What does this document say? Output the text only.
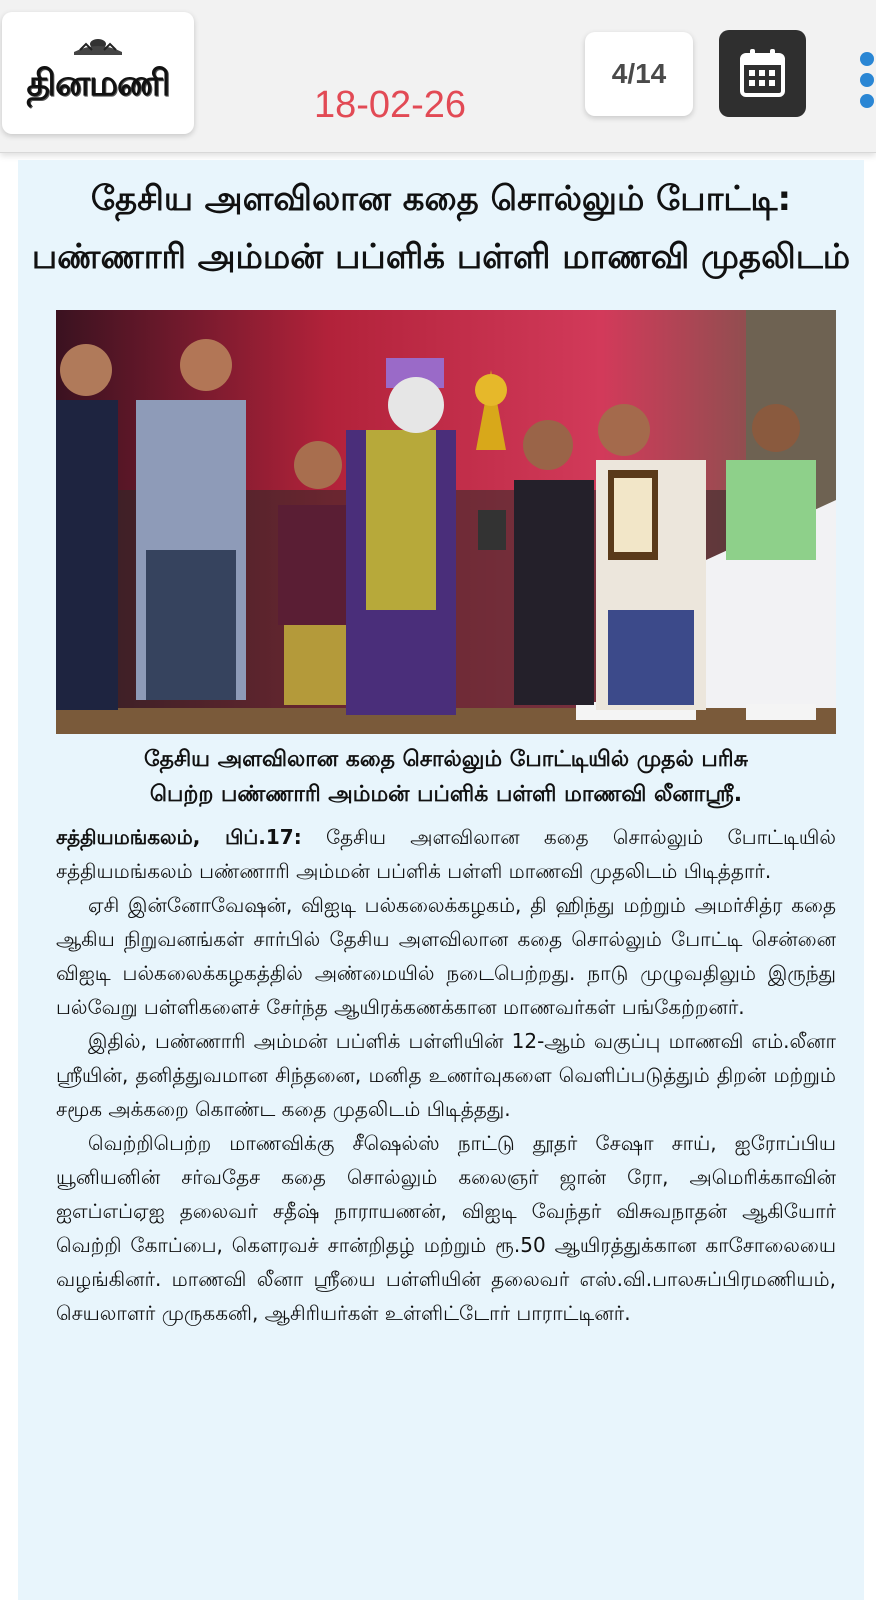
தினமணி
18-02-26
4/14
தேசிய அளவிலான கதை சொல்லும் போட்டி:
பண்ணாரி அம்மன் பப்ளிக் பள்ளி மாணவி முதலிடம்
தேசிய அளவிலான கதை சொல்லும் போட்டியில் முதல் பரிசு
பெற்ற பண்ணாரி அம்மன் பப்ளிக் பள்ளி மாணவி லீனாஸ்ரீ.

சத்தியமங்கலம், பிப்.17: தேசிய அளவிலான கதை சொல்லும் போட்டியில் சத்தியமங்கலம் பண்ணாரி அம்மன் பப்ளிக் பள்ளி மாணவி முதலிடம் பிடித்தார்.

ஏசி இன்னோவேஷன், விஐடி பல்கலைக்கழகம், தி ஹிந்து மற்றும் அமர்சித்ர கதை ஆகிய நிறுவனங்கள் சார்பில் தேசிய அளவிலான கதை சொல்லும் போட்டி சென்னை விஐடி பல்கலைக்கழகத்தில் அண்மையில் நடைபெற்றது. நாடு முழுவதிலும் இருந்து பல்வேறு பள்ளிகளைச் சேர்ந்த ஆயிரக்கணக்கான மாணவர்கள் பங்கேற்றனர்.

இதில், பண்ணாரி அம்மன் பப்ளிக் பள்ளியின் 12-ஆம் வகுப்பு மாணவி எம்.லீனா ஸ்ரீயின், தனித்துவமான சிந்தனை, மனித உணர்வுகளை வெளிப்படுத்தும் திறன் மற்றும் சமூக அக்கறை கொண்ட கதை முதலிடம் பிடித்தது.

வெற்றிபெற்ற மாணவிக்கு சீஷெல்ஸ் நாட்டு தூதர் சேஷா சாய், ஐரோப்பிய யூனியனின் சர்வதேச கதை சொல்லும் கலைஞர் ஜான் ரோ, அமெரிக்காவின் ஐஎப்எப்ஏஐ தலைவர் சதீஷ் நாராயணன், விஐடி வேந்தர் விசுவநாதன் ஆகியோர் வெற்றி கோப்பை, கௌரவச் சான்றிதழ் மற்றும் ரூ.50 ஆயிரத்துக்கான காசோலையை வழங்கினர். மாணவி லீனா ஸ்ரீயை பள்ளியின் தலைவர் எஸ்.வி.பாலசுப்பிரமணியம், செயலாளர் முருககனி, ஆசிரியர்கள் உள்ளிட்டோர் பாராட்டினர்.
